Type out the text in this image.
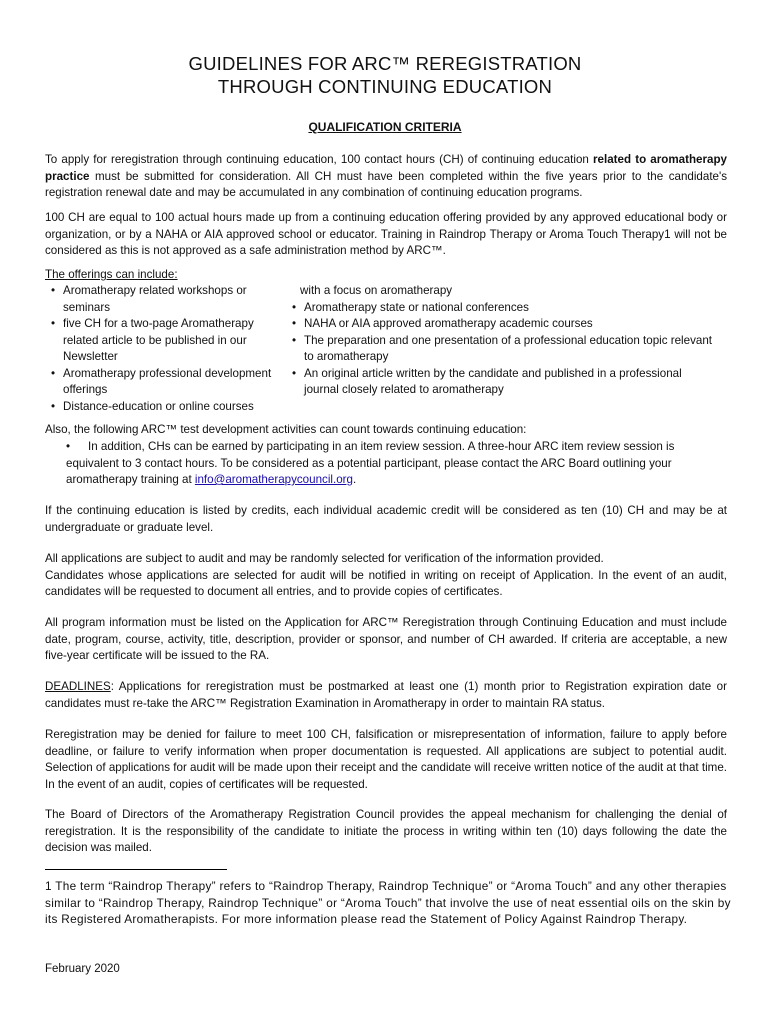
GUIDELINES FOR ARC™ REREGISTRATION
THROUGH CONTINUING EDUCATION
QUALIFICATION CRITERIA

To apply for reregistration through continuing education, 100 contact hours (CH) of continuing education related to aromatherapy practice must be submitted for consideration. All CH must have been completed within the five years prior to the candidate's registration renewal date and may be accumulated in any combination of continuing education programs.

100 CH are equal to 100 actual hours made up from a continuing education offering provided by any approved educational body or organization, or by a NAHA or AIA approved school or educator. Training in Raindrop Therapy or Aroma Touch Therapy1 will not be considered as this is not approved as a safe administration method by ARC™.

The offerings can include:
• Aromatherapy related workshops or seminars
• five CH for a two-page Aromatherapy related article to be published in our Newsletter
• Aromatherapy professional development offerings
• Distance-education or online courses
with a focus on aromatherapy
• Aromatherapy state or national conferences
• NAHA or AIA approved aromatherapy academic courses
• The preparation and one presentation of a professional education topic relevant to aromatherapy
• An original article written by the candidate and published in a professional journal closely related to aromatherapy
Also, the following ARC™ test development activities can count towards continuing education:
• In addition, CHs can be earned by participating in an item review session. A three-hour ARC item review session is equivalent to 3 contact hours. To be considered as a potential participant, please contact the ARC Board outlining your aromatherapy training at info@aromatherapycouncil.org.

If the continuing education is listed by credits, each individual academic credit will be considered as ten (10) CH and may be at undergraduate or graduate level.

All applications are subject to audit and may be randomly selected for verification of the information provided.
Candidates whose applications are selected for audit will be notified in writing on receipt of Application. In the event of an audit, candidates will be requested to document all entries, and to provide copies of certificates.

All program information must be listed on the Application for ARC™ Reregistration through Continuing Education and must include date, program, course, activity, title, description, provider or sponsor, and number of CH awarded. If criteria are acceptable, a new five-year certificate will be issued to the RA.

DEADLINES: Applications for reregistration must be postmarked at least one (1) month prior to Registration expiration date or candidates must re-take the ARC™ Registration Examination in Aromatherapy in order to maintain RA status.

Reregistration may be denied for failure to meet 100 CH, falsification or misrepresentation of information, failure to apply before deadline, or failure to verify information when proper documentation is requested. All applications are subject to potential audit. Selection of applications for audit will be made upon their receipt and the candidate will receive written notice of the audit at that time. In the event of an audit, copies of certificates will be requested.

The Board of Directors of the Aromatherapy Registration Council provides the appeal mechanism for challenging the denial of reregistration. It is the responsibility of the candidate to initiate the process in writing within ten (10) days following the date the decision was mailed.

1 The term “Raindrop Therapy” refers to “Raindrop Therapy, Raindrop Technique” or “Aroma Touch” and any other therapies similar to “Raindrop Therapy, Raindrop Technique” or “Aroma Touch” that involve the use of neat essential oils on the skin by its Registered Aromatherapists. For more information please read the Statement of Policy Against Raindrop Therapy.
February 2020
